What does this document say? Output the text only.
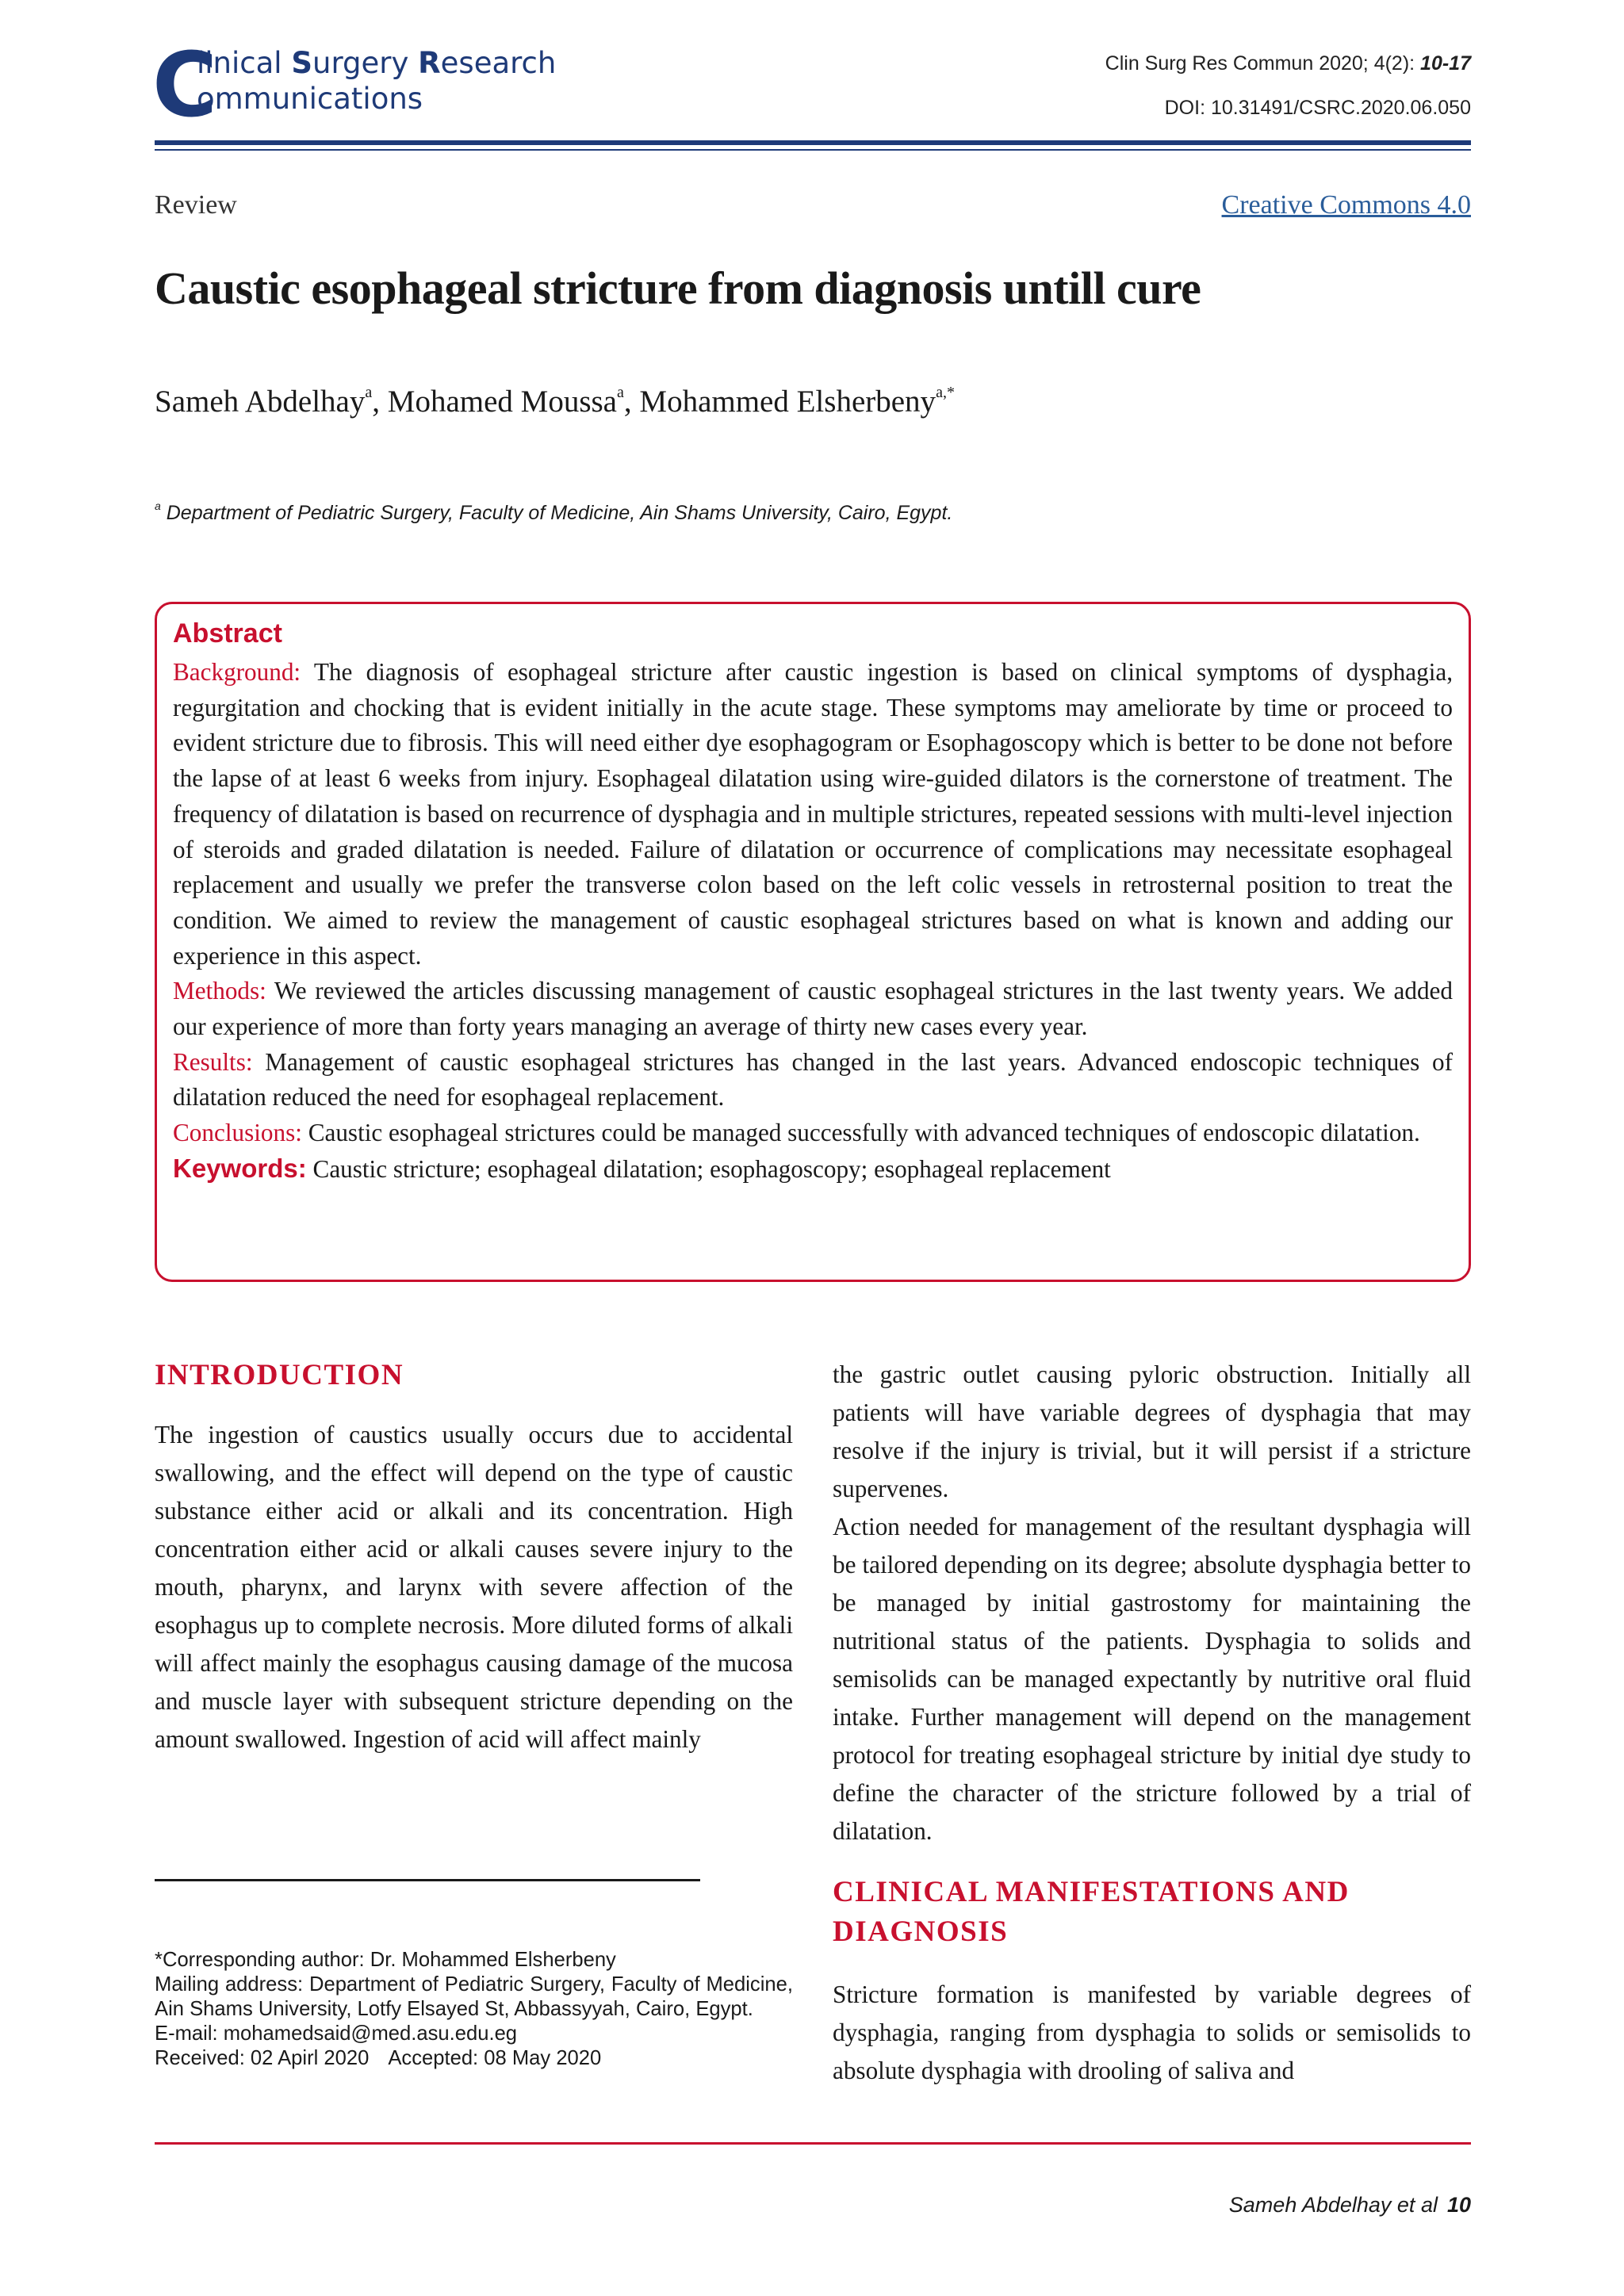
C
linical Surgery Research
ommunications
Clin Surg Res Commun 2020; 4(2): 10-17
DOI: 10.31491/CSRC.2020.06.050
Review	Creative Commons 4.0
Caustic esophageal stricture from diagnosis untill cure
Sameh Abdelhay$^a$, Mohamed Moussa$^a$, Mohammed Elsherbeny$^{a,*}$
$^a$ Department of Pediatric Surgery, Faculty of Medicine, Ain Shams University, Cairo, Egypt.
Abstract

Background: The diagnosis of esophageal stricture after caustic ingestion is based on clinical symptoms of dysphagia, regurgitation and chocking that is evident initially in the acute stage. These symptoms may ameliorate by time or proceed to evident stricture due to fibrosis. This will need either dye esophagogram or Esophagoscopy which is better to be done not before the lapse of at least 6 weeks from injury. Esophageal dilatation using wire-guided dilators is the cornerstone of treatment. The frequency of dilatation is based on recurrence of dysphagia and in multiple strictures, repeated sessions with multi-level injection of steroids and graded dilatation is needed. Failure of dilatation or occurrence of complications may necessitate esophageal replacement and usually we prefer the transverse colon based on the left colic vessels in retrosternal position to treat the condition. We aimed to review the management of caustic esophageal strictures based on what is known and adding our experience in this aspect.

Methods: We reviewed the articles discussing management of caustic esophageal strictures in the last twenty years. We added our experience of more than forty years managing an average of thirty new cases every year.

Results: Management of caustic esophageal strictures has changed in the last years. Advanced endoscopic techniques of dilatation reduced the need for esophageal replacement.

Conclusions: Caustic esophageal strictures could be managed successfully with advanced techniques of endoscopic dilatation.

Keywords: Caustic stricture; esophageal dilatation; esophagoscopy; esophageal replacement

INTRODUCTION

The ingestion of caustics usually occurs due to accidental swallowing, and the effect will depend on the type of caustic substance either acid or alkali and its concentration. High concentration either acid or alkali causes severe injury to the mouth, pharynx, and larynx with severe affection of the esophagus up to complete necrosis. More diluted forms of alkali will affect mainly the esophagus causing damage of the mucosa and muscle layer with subsequent stricture depending on the amount swallowed. Ingestion of acid will affect mainly

*Corresponding author: Dr. Mohammed Elsherbeny

Mailing address: Department of Pediatric Surgery, Faculty of Medicine, Ain Shams University, Lotfy Elsayed St, Abbassyyah, Cairo, Egypt.

E-mail: mohamedsaid@med.asu.edu.eg

Received: 02 Apirl 2020 Accepted: 08 May 2020

the gastric outlet causing pyloric obstruction. Initially all patients will have variable degrees of dysphagia that may resolve if the injury is trivial, but it will persist if a stricture supervenes.

Action needed for management of the resultant dysphagia will be tailored depending on its degree; absolute dysphagia better to be managed by initial gastrostomy for maintaining the nutritional status of the patients. Dysphagia to solids and semisolids can be managed expectantly by nutritive oral fluid intake. Further management will depend on the management protocol for treating esophageal stricture by initial dye study to define the character of the stricture followed by a trial of dilatation.

CLINICAL MANIFESTATIONS AND DIAGNOSIS

Stricture formation is manifested by variable degrees of dysphagia, ranging from dysphagia to solids or semisolids to absolute dysphagia with drooling of saliva and

Sameh Abdelhay et al 10
